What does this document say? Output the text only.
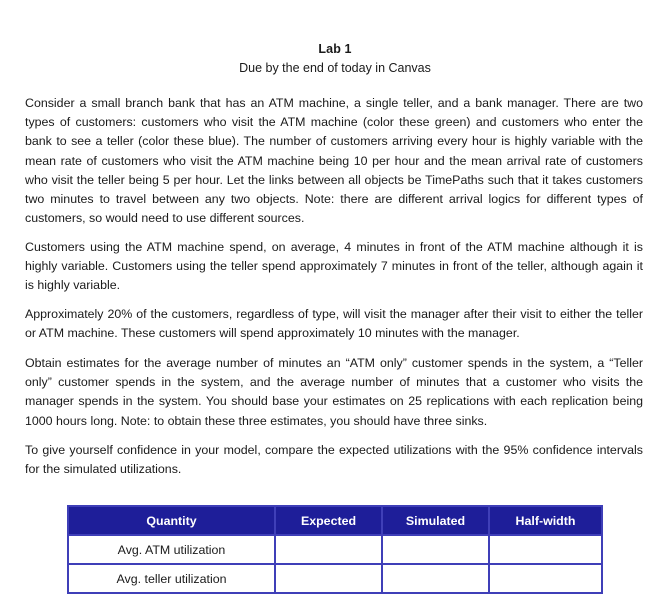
Lab 1
Due by the end of today in Canvas

Consider a small branch bank that has an ATM machine, a single teller, and a bank manager. There are two types of customers: customers who visit the ATM machine (color these green) and customers who enter the bank to see a teller (color these blue). The number of customers arriving every hour is highly variable with the mean rate of customers who visit the ATM machine being 10 per hour and the mean arrival rate of customers who visit the teller being 5 per hour. Let the links between all objects be TimePaths such that it takes customers two minutes to travel between any two objects. Note: there are different arrival logics for different types of customers, so would need to use different sources.

Customers using the ATM machine spend, on average, 4 minutes in front of the ATM machine although it is highly variable. Customers using the teller spend approximately 7 minutes in front of the teller, although again it is highly variable.

Approximately 20% of the customers, regardless of type, will visit the manager after their visit to either the teller or ATM machine. These customers will spend approximately 10 minutes with the manager.

Obtain estimates for the average number of minutes an “ATM only” customer spends in the system, a “Teller only” customer spends in the system, and the average number of minutes that a customer who visits the manager spends in the system. You should base your estimates on 25 replications with each replication being 1000 hours long. Note: to obtain these three estimates, you should have three sinks.

To give yourself confidence in your model, compare the expected utilizations with the 95% confidence intervals for the simulated utilizations.

Quantity	Expected	Simulated	Half-width
Avg. ATM utilization			
Avg. teller utilization			
